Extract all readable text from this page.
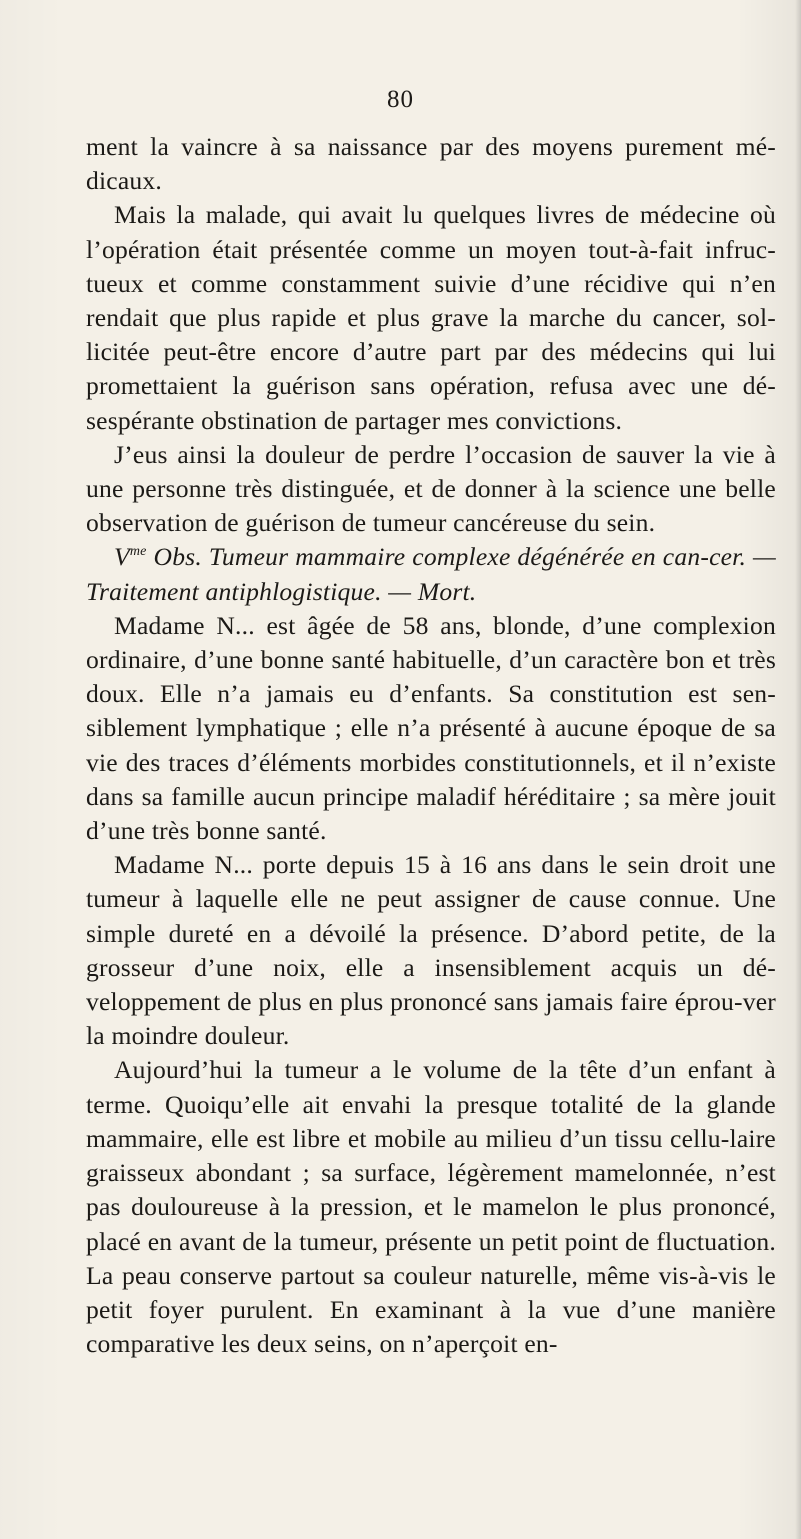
80

ment la vaincre à sa naissance par des moyens purement mé-dicaux.

Mais la malade, qui avait lu quelques livres de médecine où l’opération était présentée comme un moyen tout-à-fait infruc-tueux et comme constamment suivie d’une récidive qui n’en rendait que plus rapide et plus grave la marche du cancer, sol-licitée peut-être encore d’autre part par des médecins qui lui promettaient la guérison sans opération, refusa avec une dé-sespérante obstination de partager mes convictions.

J’eus ainsi la douleur de perdre l’occasion de sauver la vie à une personne très distinguée, et de donner à la science une belle observation de guérison de tumeur cancéreuse du sein.

$V^{me}$ Obs. Tumeur mammaire complexe dégénérée en can-cer. — Traitement antiphlogistique. — Mort.

Madame N... est âgée de 58 ans, blonde, d’une complexion ordinaire, d’une bonne santé habituelle, d’un caractère bon et très doux. Elle n’a jamais eu d’enfants. Sa constitution est sen-siblement lymphatique ; elle n’a présenté à aucune époque de sa vie des traces d’éléments morbides constitutionnels, et il n’existe dans sa famille aucun principe maladif héréditaire ; sa mère jouit d’une très bonne santé.

Madame N... porte depuis 15 à 16 ans dans le sein droit une tumeur à laquelle elle ne peut assigner de cause connue. Une simple dureté en a dévoilé la présence. D’abord petite, de la grosseur d’une noix, elle a insensiblement acquis un dé-veloppement de plus en plus prononcé sans jamais faire éprou-ver la moindre douleur.

Aujourd’hui la tumeur a le volume de la tête d’un enfant à terme. Quoiqu’elle ait envahi la presque totalité de la glande mammaire, elle est libre et mobile au milieu d’un tissu cellu-laire graisseux abondant ; sa surface, légèrement mamelonnée, n’est pas douloureuse à la pression, et le mamelon le plus prononcé, placé en avant de la tumeur, présente un petit point de fluctuation. La peau conserve partout sa couleur naturelle, même vis-à-vis le petit foyer purulent. En examinant à la vue d’une manière comparative les deux seins, on n’aperçoit en-
